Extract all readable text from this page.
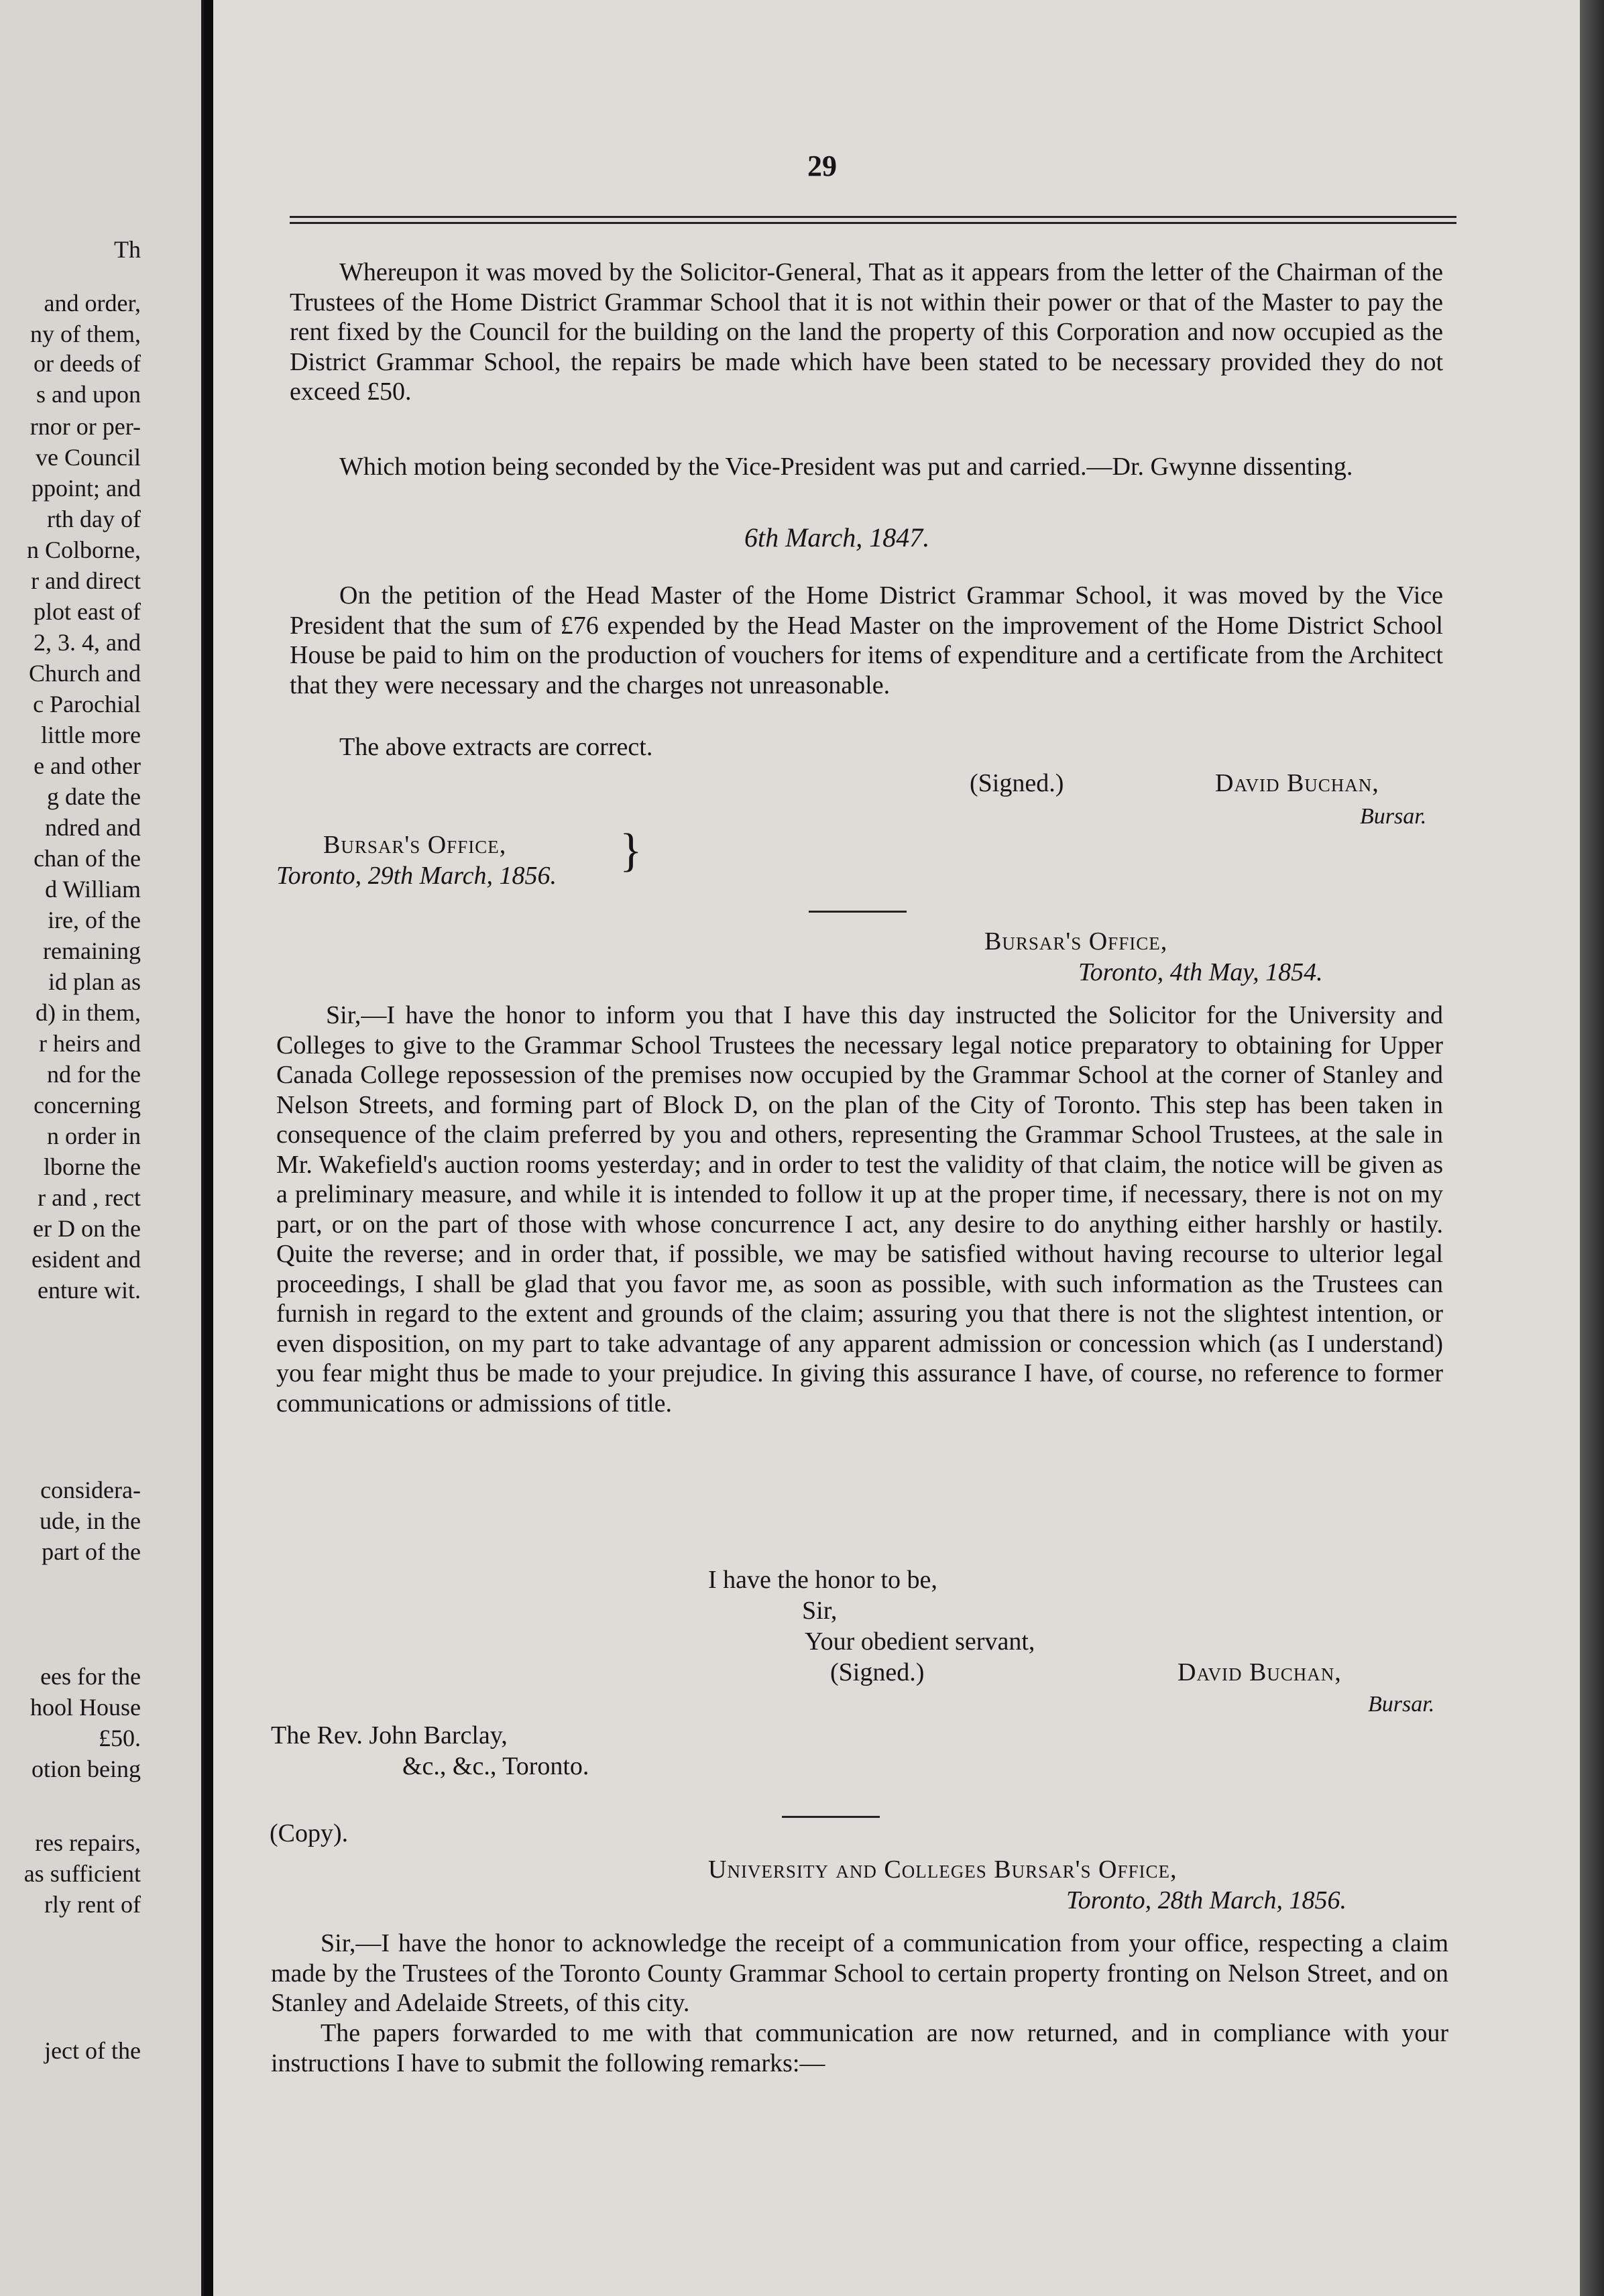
Th
and order,
ny of them,
or deeds of
s and upon
rnor or per-
ve Council
ppoint; and
rth day of
n Colborne,
r and direct
plot east of
2, 3. 4, and
Church and
c Parochial
little more
e and other
g date the
ndred and
chan of the
d William
ire, of the
remaining
id plan as
d) in them,
r heirs and
nd for the
concerning
n order in
lborne the
r and , rect
er D on the
esident and
enture wit.
considera-
ude, in the
part of the
ees for the
hool House
£50.
otion being
res repairs,
as sufficient
rly rent of
ject of the
29
Whereupon it was moved by the Solicitor-General, That as it appears from the letter of the Chairman of the Trustees of the Home District Grammar School that it is not within their power or that of the Master to pay the rent fixed by the Council for the building on the land the property of this Corporation and now occupied as the District Grammar School, the repairs be made which have been stated to be necessary provided they do not exceed £50.
Which motion being seconded by the Vice-President was put and carried.—Dr. Gwynne dissenting.
6th March, 1847.
On the petition of the Head Master of the Home District Grammar School, it was moved by the Vice President that the sum of £76 expended by the Head Master on the improvement of the Home District School House be paid to him on the production of vouchers for items of expenditure and a certificate from the Architect that they were necessary and the charges not unreasonable.
The above extracts are correct.
(Signed.)	David Buchan,
Bursar.
Bursar's Office,
Toronto, 29th March, 1856. }
Bursar's Office,
Toronto, 4th May, 1854.
Sir,—I have the honor to inform you that I have this day instructed the Solicitor for the University and Colleges to give to the Grammar School Trustees the necessary legal notice preparatory to obtaining for Upper Canada College repossession of the premises now occupied by the Grammar School at the corner of Stanley and Nelson Streets, and forming part of Block D, on the plan of the City of Toronto. This step has been taken in consequence of the claim preferred by you and others, representing the Grammar School Trustees, at the sale in Mr. Wakefield's auction rooms yesterday; and in order to test the validity of that claim, the notice will be given as a preliminary measure, and while it is intended to follow it up at the proper time, if necessary, there is not on my part, or on the part of those with whose concurrence I act, any desire to do anything either harshly or hastily. Quite the reverse; and in order that, if possible, we may be satisfied without having recourse to ulterior legal proceedings, I shall be glad that you favor me, as soon as possible, with such information as the Trustees can furnish in regard to the extent and grounds of the claim; assuring you that there is not the slightest intention, or even disposition, on my part to take advantage of any apparent admission or concession which (as I understand) you fear might thus be made to your prejudice. In giving this assurance I have, of course, no reference to former communications or admissions of title.
I have the honor to be,
Sir,
Your obedient servant,
(Signed.)	David Buchan,
Bursar.
The Rev. John Barclay,
&c., &c., Toronto.
(Copy).
University and Colleges Bursar's Office,
Toronto, 28th March, 1856.
Sir,—I have the honor to acknowledge the receipt of a communication from your office, respecting a claim made by the Trustees of the Toronto County Grammar School to certain property fronting on Nelson Street, and on Stanley and Adelaide Streets, of this city.
The papers forwarded to me with that communication are now returned, and in compliance with your instructions I have to submit the following remarks:—
